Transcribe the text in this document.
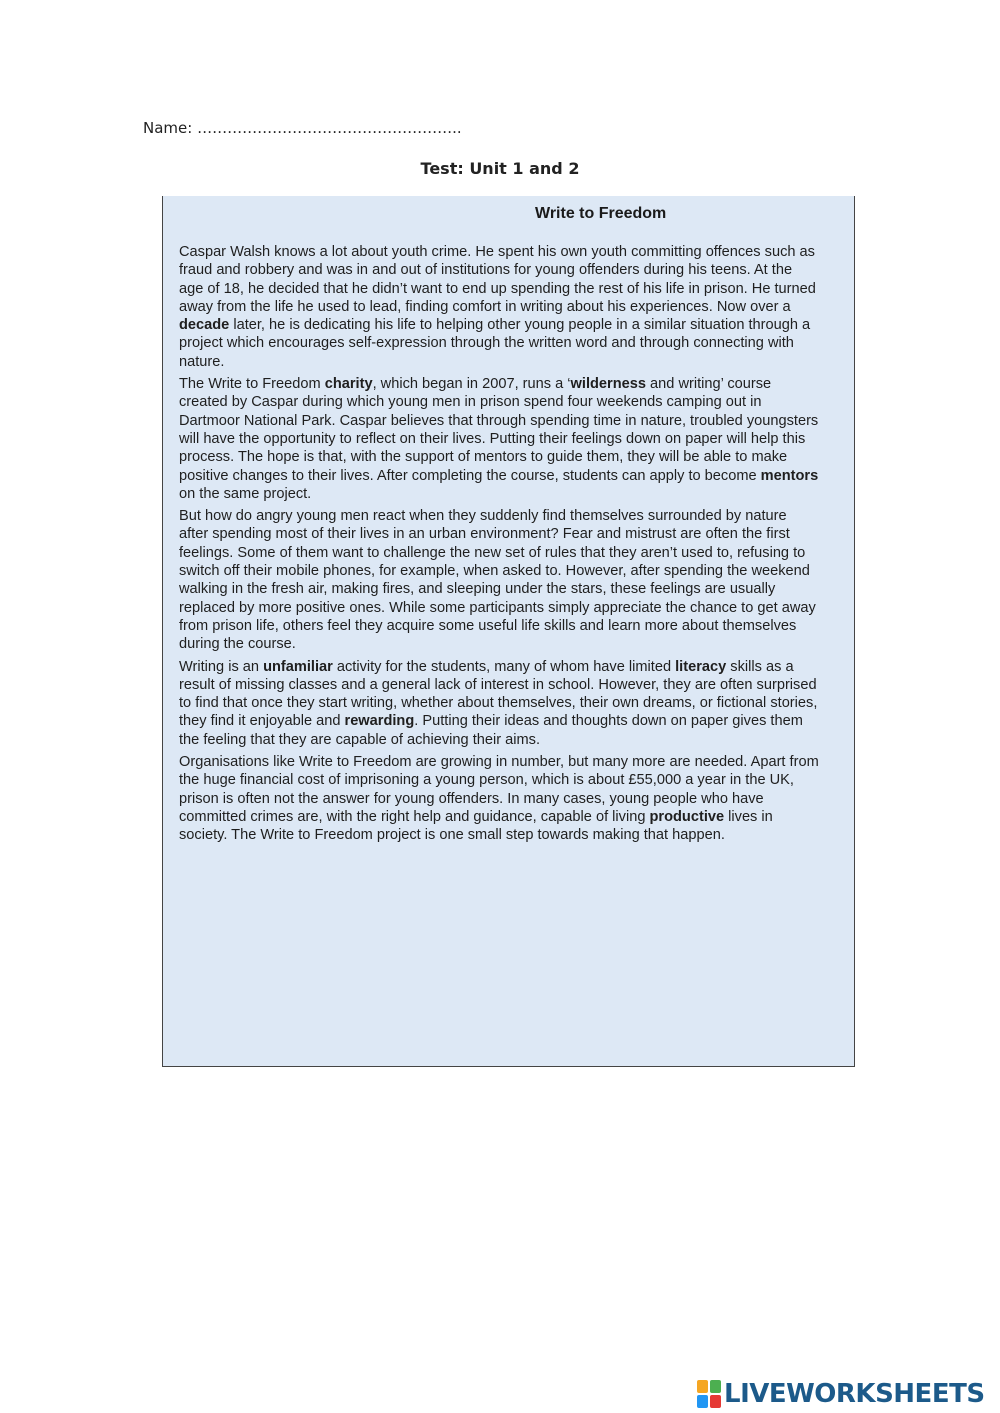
Name: ……………………………………………..
Test: Unit 1 and 2
Write to Freedom

Caspar Walsh knows a lot about youth crime. He spent his own youth committing offences such as fraud and robbery and was in and out of institutions for young offenders during his teens. At the age of 18, he decided that he didn’t want to end up spending the rest of his life in prison. He turned away from the life he used to lead, finding comfort in writing about his experiences. Now over a decade later, he is dedicating his life to helping other young people in a similar situation through a project which encourages self-expression through the written word and through connecting with nature.

The Write to Freedom charity, which began in 2007, runs a ‘wilderness and writing’ course created by Caspar during which young men in prison spend four weekends camping out in Dartmoor National Park. Caspar believes that through spending time in nature, troubled youngsters will have the opportunity to reflect on their lives. Putting their feelings down on paper will help this process. The hope is that, with the support of mentors to guide them, they will be able to make positive changes to their lives. After completing the course, students can apply to become mentors on the same project.

But how do angry young men react when they suddenly find themselves surrounded by nature after spending most of their lives in an urban environment? Fear and mistrust are often the first feelings. Some of them want to challenge the new set of rules that they aren’t used to, refusing to switch off their mobile phones, for example, when asked to. However, after spending the weekend walking in the fresh air, making fires, and sleeping under the stars, these feelings are usually replaced by more positive ones. While some participants simply appreciate the chance to get away from prison life, others feel they acquire some useful life skills and learn more about themselves during the course.

Writing is an unfamiliar activity for the students, many of whom have limited literacy skills as a result of missing classes and a general lack of interest in school. However, they are often surprised to find that once they start writing, whether about themselves, their own dreams, or fictional stories, they find it enjoyable and rewarding. Putting their ideas and thoughts down on paper gives them the feeling that they are capable of achieving their aims.

Organisations like Write to Freedom are growing in number, but many more are needed. Apart from the huge financial cost of imprisoning a young person, which is about £55,000 a year in the UK, prison is often not the answer for young offenders. In many cases, young people who have committed crimes are, with the right help and guidance, capable of living productive lives in society. The Write to Freedom project is one small step towards making that happen.

LIVEWORKSHEETS
